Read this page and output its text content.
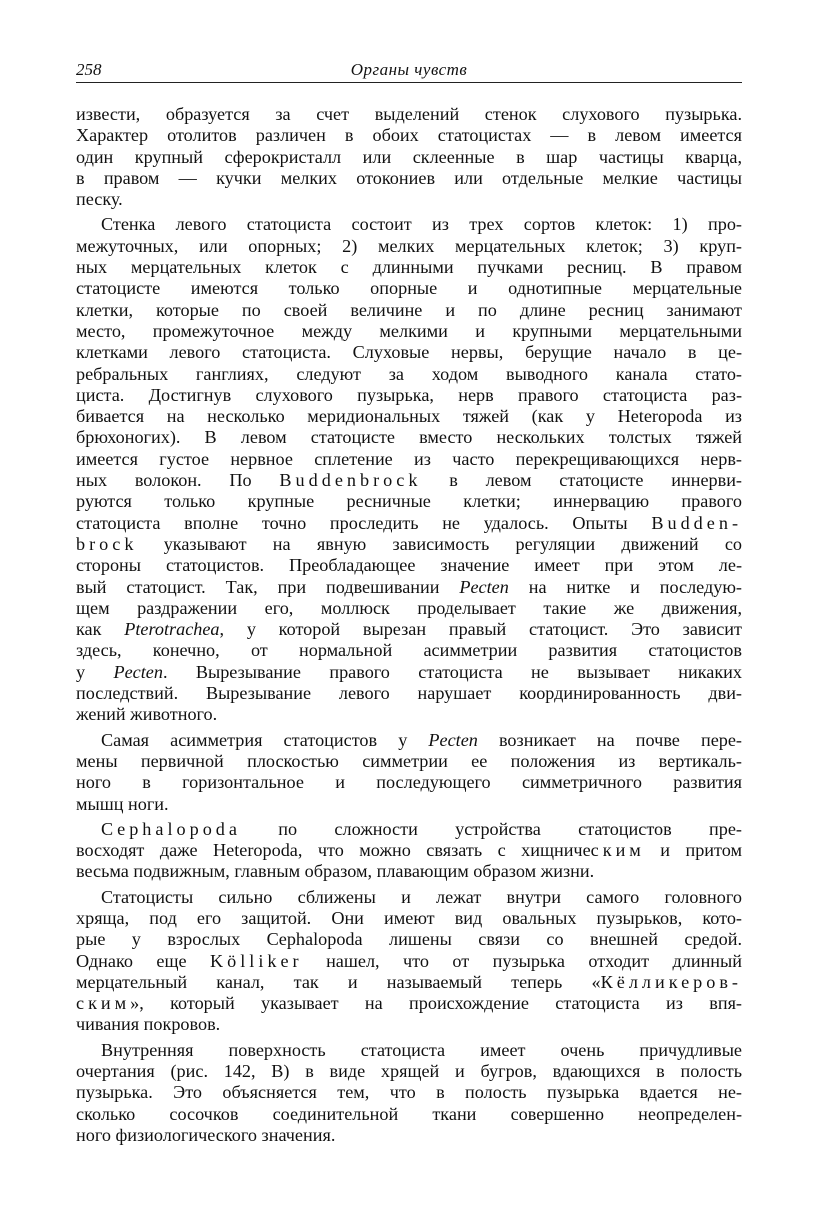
258	Органы чувств
извести, образуется за счет выделений стенок слухового пузырька.
Характер отолитов различен в обоих статоцистах — в левом имеется
один крупный сферокристалл или склеенные в шар частицы кварца,
в правом — кучки мелких отокониев или отдельные мелкие частицы
песку.
Стенка левого статоциста состоит из трех сортов клеток: 1) про-
межуточных, или опорных; 2) мелких мерцательных клеток; 3) круп-
ных мерцательных клеток с длинными пучками ресниц. В правом
статоцисте имеются только опорные и однотипные мерцательные
клетки, которые по своей величине и по длине ресниц занимают
место, промежуточное между мелкими и крупными мерцательными
клетками левого статоциста. Слуховые нервы, берущие начало в це-
ребральных ганглиях, следуют за ходом выводного канала стато-
циста. Достигнув слухового пузырька, нерв правого статоциста раз-
бивается на несколько меридиональных тяжей (как у Heteropoda из
брюхоногих). В левом статоцисте вместо нескольких толстых тяжей
имеется густое нервное сплетение из часто перекрещивающихся нерв-
ных волокон. По Buddenbrock в левом статоцисте иннерви-
руются только крупные ресничные клетки; иннервацию правого
статоциста вполне точно проследить не удалось. Опыты Budden-
brock указывают на явную зависимость регуляции движений со
стороны статоцистов. Преобладающее значение имеет при этом ле-
вый статоцист. Так, при подвешивании Pecten на нитке и последую-
щем раздражении его, моллюск проделывает такие же движения,
как Pterotrachea, у которой вырезан правый статоцист. Это зависит
здесь, конечно, от нормальной асимметрии развития статоцистов
у Pecten. Вырезывание правого статоциста не вызывает никаких
последствий. Вырезывание левого нарушает координированность дви-
жений животного.
Самая асимметрия статоцистов у Pecten возникает на почве пере-
мены первичной плоскостью симметрии ее положения из вертикаль-
ного в горизонтальное и последующего симметричного развития
мышц ноги.
Cephalopoda по сложности устройства статоцистов пре-
восходят даже Heteropoda, что можно связать с хищническим и притом
весьма подвижным, главным образом, плавающим образом жизни.
Статоцисты сильно сближены и лежат внутри самого головного
хряща, под его защитой. Они имеют вид овальных пузырьков, кото-
рые у взрослых Cephalopoda лишены связи со внешней средой.
Однако еще Kölliker нашел, что от пузырька отходит длинный
мерцательный канал, так и называемый теперь «Кёлликеров-
ским», который указывает на происхождение статоциста из впя-
чивания покровов.
Внутренняя поверхность статоциста имеет очень причудливые
очертания (рис. 142, B) в виде хрящей и бугров, вдающихся в полость
пузырька. Это объясняется тем, что в полость пузырька вдается не-
сколько сосочков соединительной ткани совершенно неопределен-
ного физиологического значения.
